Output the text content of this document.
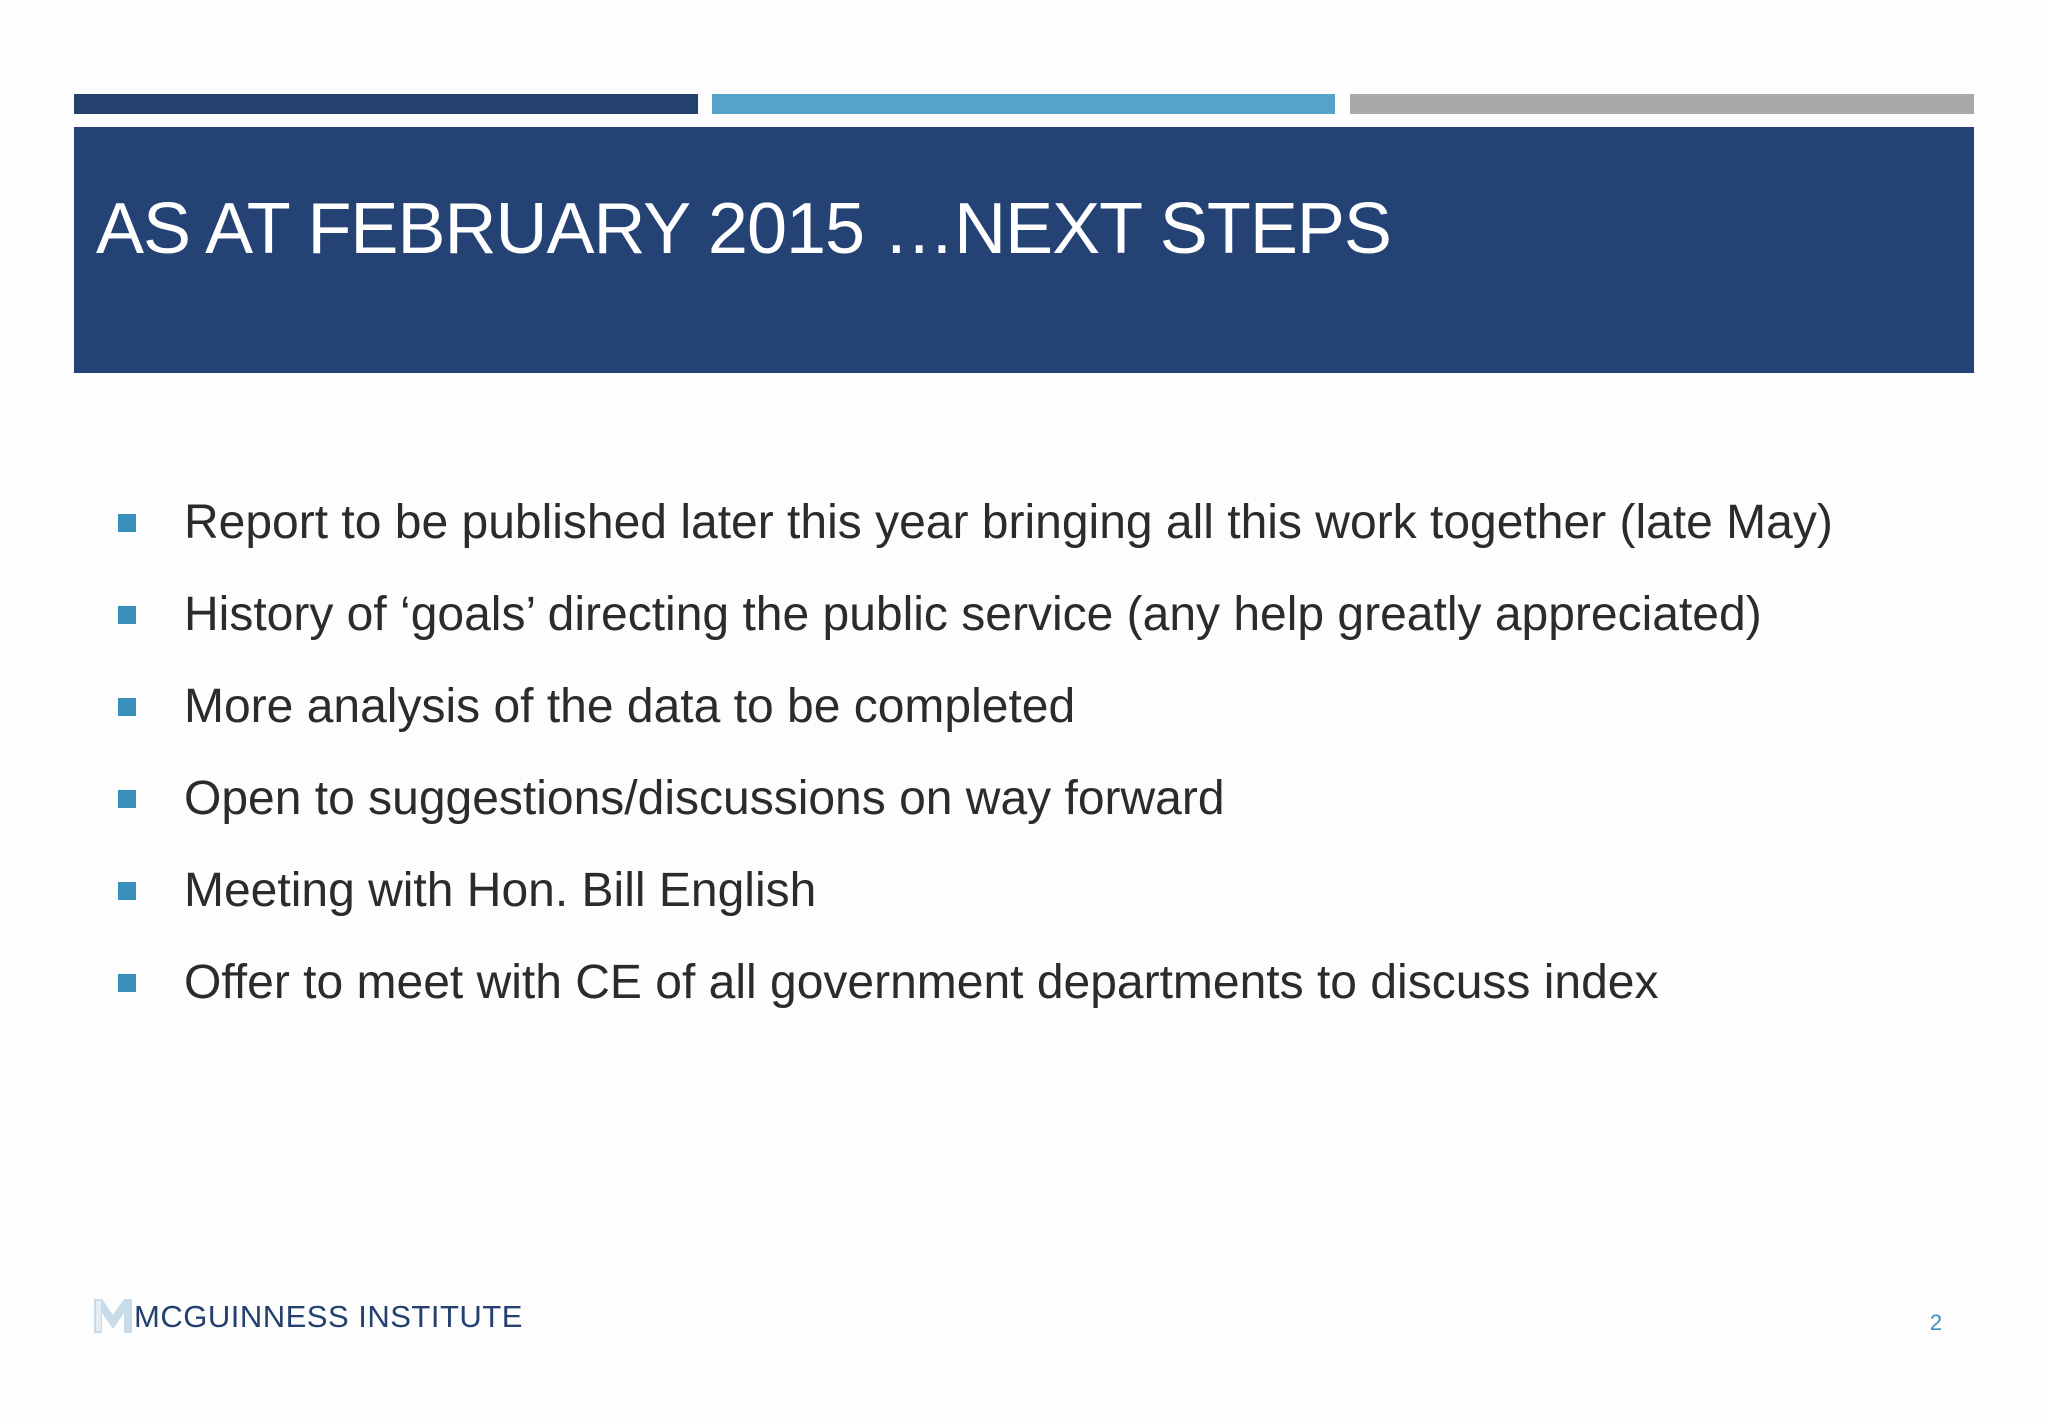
AS AT FEBRUARY 2015 …NEXT STEPS
Report to be published later this year bringing all this work together (late May)
History of ‘goals’ directing the public service (any help greatly appreciated)
More analysis of the data to be completed
Open to suggestions/discussions on way forward
Meeting with Hon. Bill English
Offer to meet with CE of all government departments to discuss index
MCGUINNESS INSTITUTE	2
